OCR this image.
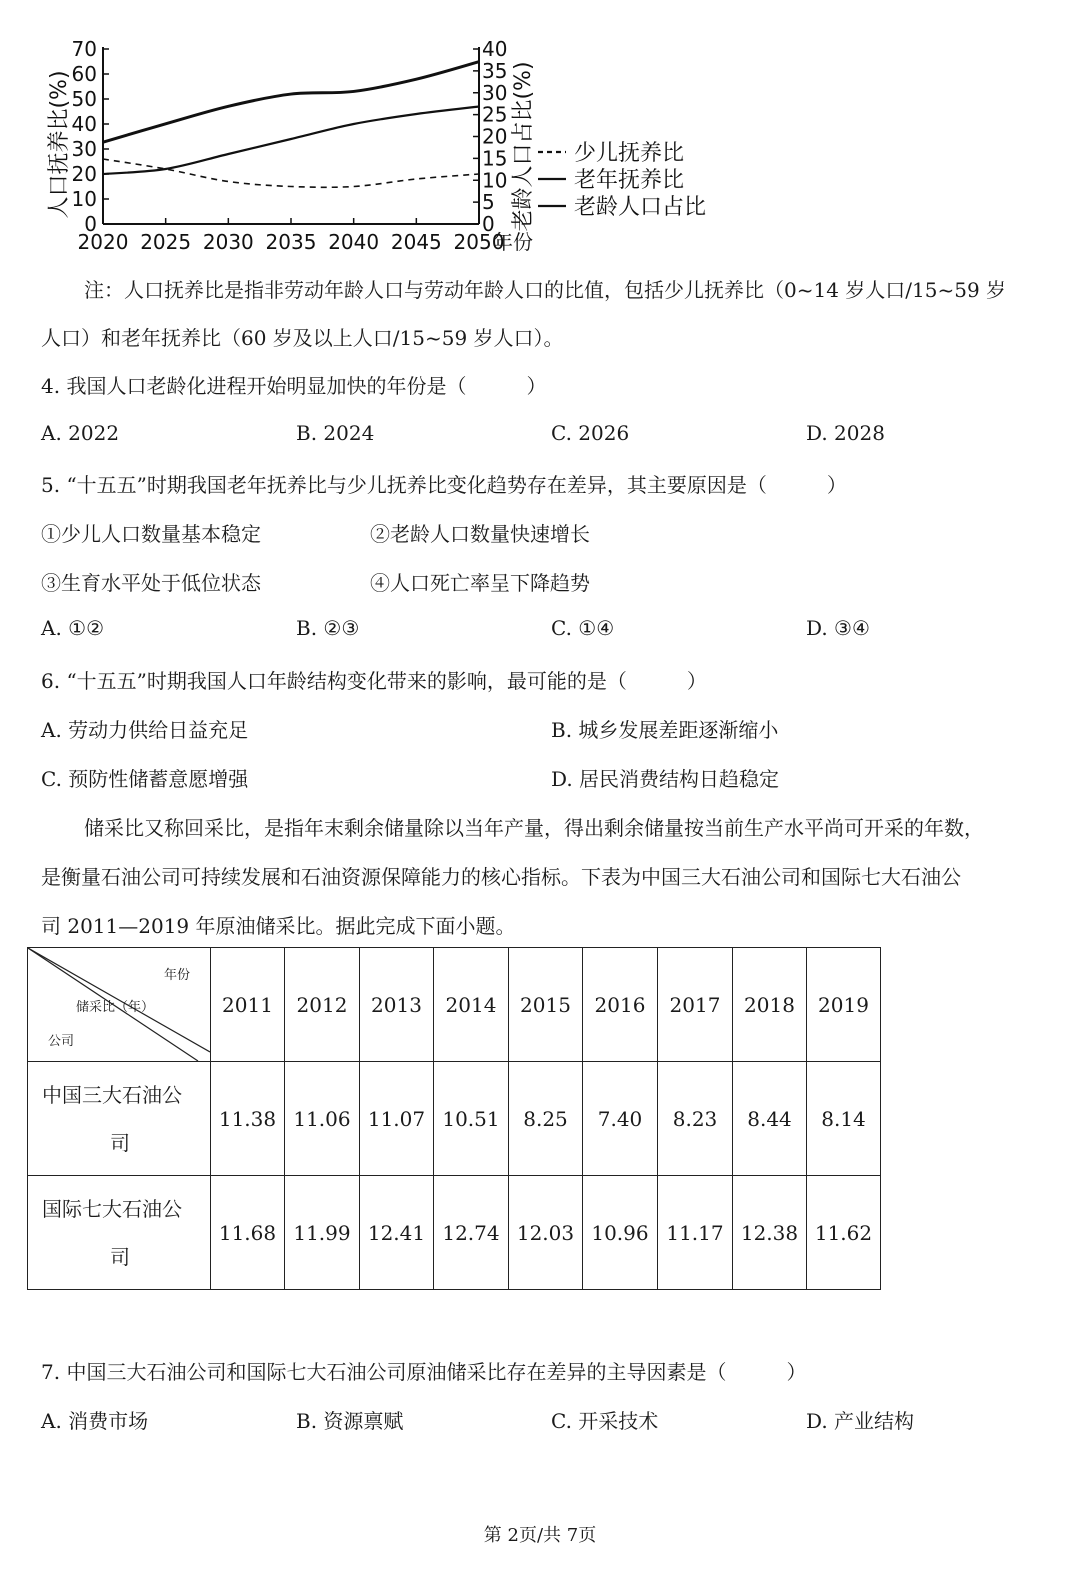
0
10
20
30
40
50
60
70
0
5
10
15
20
25
30
35
40
2020 2025 2030 2035 2040 2045 2050
年份
人口抚养比(%)	老龄人口占比(%) 少儿抚养比
老年抚养比
老龄人口占比
注：人口抚养比是指非劳动年龄人口与劳动年龄人口的比值，包括少儿抚养比（0~14 岁人口/15~59 岁
人口）和老年抚养比（60 岁及以上人口/15~59 岁人口）。
4. 我国人口老龄化进程开始明显加快的年份是（　　　）
A. 2022	B. 2024	C. 2026	D. 2028
5. “十五五”时期我国老年抚养比与少儿抚养比变化趋势存在差异，其主要原因是（　　　）
①少儿人口数量基本稳定	②老龄人口数量快速增长
③生育水平处于低位状态	④人口死亡率呈下降趋势
A. ①②	B. ②③	C. ①④	D. ③④
6. “十五五”时期我国人口年龄结构变化带来的影响，最可能的是（　　　）
A. 劳动力供给日益充足	B. 城乡发展差距逐渐缩小
C. 预防性储蓄意愿增强	D. 居民消费结构日趋稳定
储采比又称回采比，是指年末剩余储量除以当年产量，得出剩余储量按当前生产水平尚可开采的年数，
是衡量石油公司可持续发展和石油资源保障能力的核心指标。下表为中国三大石油公司和国际七大石油公
司 2011—2019 年原油储采比。据此完成下面小题。
年份
储采比（年）
公司	2011	2012	2013	2014	2015	2016	2017	2018	2019

中国三大石油公
司	11.38	11.06	11.07	10.51	8.25	7.40	8.23	8.44	8.14

国际七大石油公
司	11.68	11.99	12.41	12.74	12.03	10.96	11.17	12.38	11.62
7. 中国三大石油公司和国际七大石油公司原油储采比存在差异的主导因素是（　　　）
A. 消费市场	B. 资源禀赋	C. 开采技术	D. 产业结构
第 2页/共 7页
